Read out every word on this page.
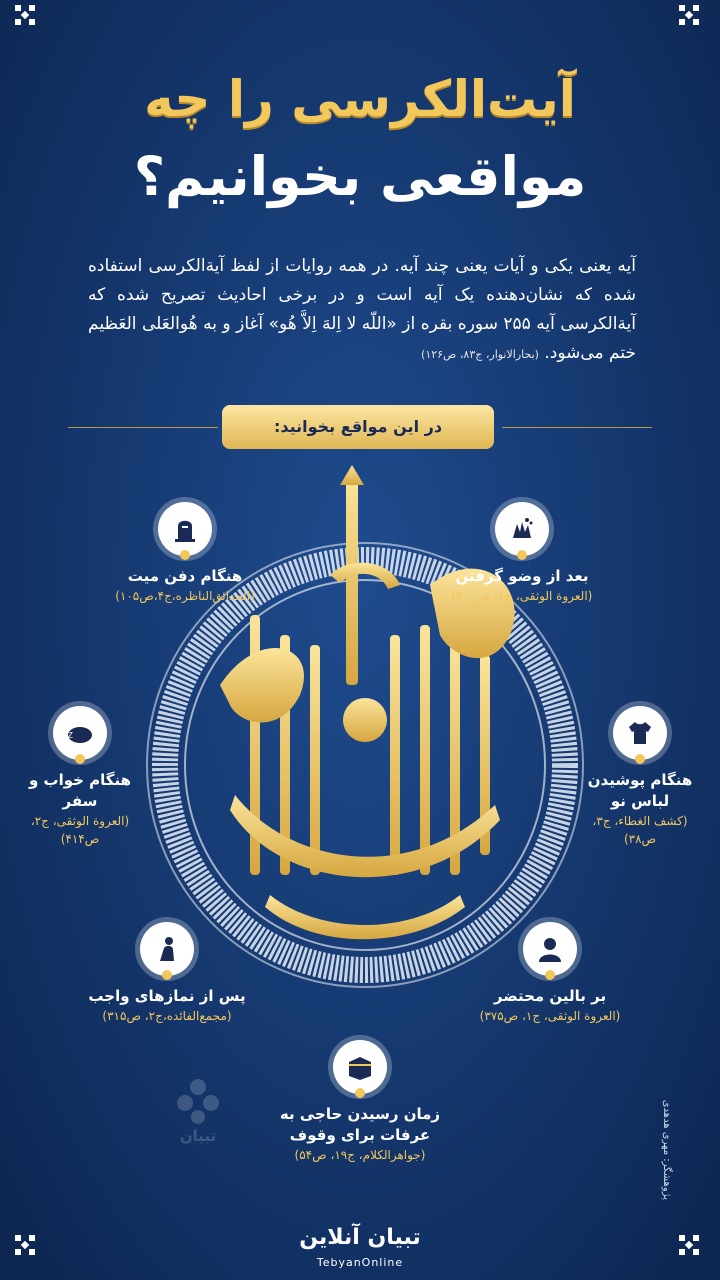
آیت‌الکرسی را چه
مواقعی بخوانیم؟
آیه یعنی یکی و آیات یعنی چند آیه. در همه روایات از لفظ آیة‌الکرسی استفاده شده که نشان‌دهنده یک آیه است و در برخی احادیث تصریح شده که آیة‌الکرسی آیه ۲۵۵ سوره بقره از «اللّه لا اِلهَ اِلاَّ هُو» آغاز و به هُوالعَلی العَظیم ختم می‌شود. (بحارالانوار، ج۸۳، ص۱۲۶)
در این مواقع بخوانید:
بعد از وضو گرفتن
(العروة الوثقی، ج۱، ص۲۰۰)
هنگام دفن میت
(الحدائق‌الناظره،ج۴،ص۱۰۵)
هنگام پوشیدن لباس نو
(کشف الغطاء، ج۳، ص۳۸)
zzZ
هنگام خواب و سفر
(العروة الوثقی، ج۲، ص۴۱۴)
بر بالین محتضر
(العروة الوثقی، ج۱، ص۳۷۵)
پس از نمازهای واجب
(مجمع‌الفائده،ج۲، ص۳۱۵)
زمان رسیدن حاجی به عرفات برای وقوف
(جواهرالکلام، ج۱۹، ص۵۴)	پژوهشگر: مهری هدهدی
تبیان
تبیان آنلاین
TebyanOnline
